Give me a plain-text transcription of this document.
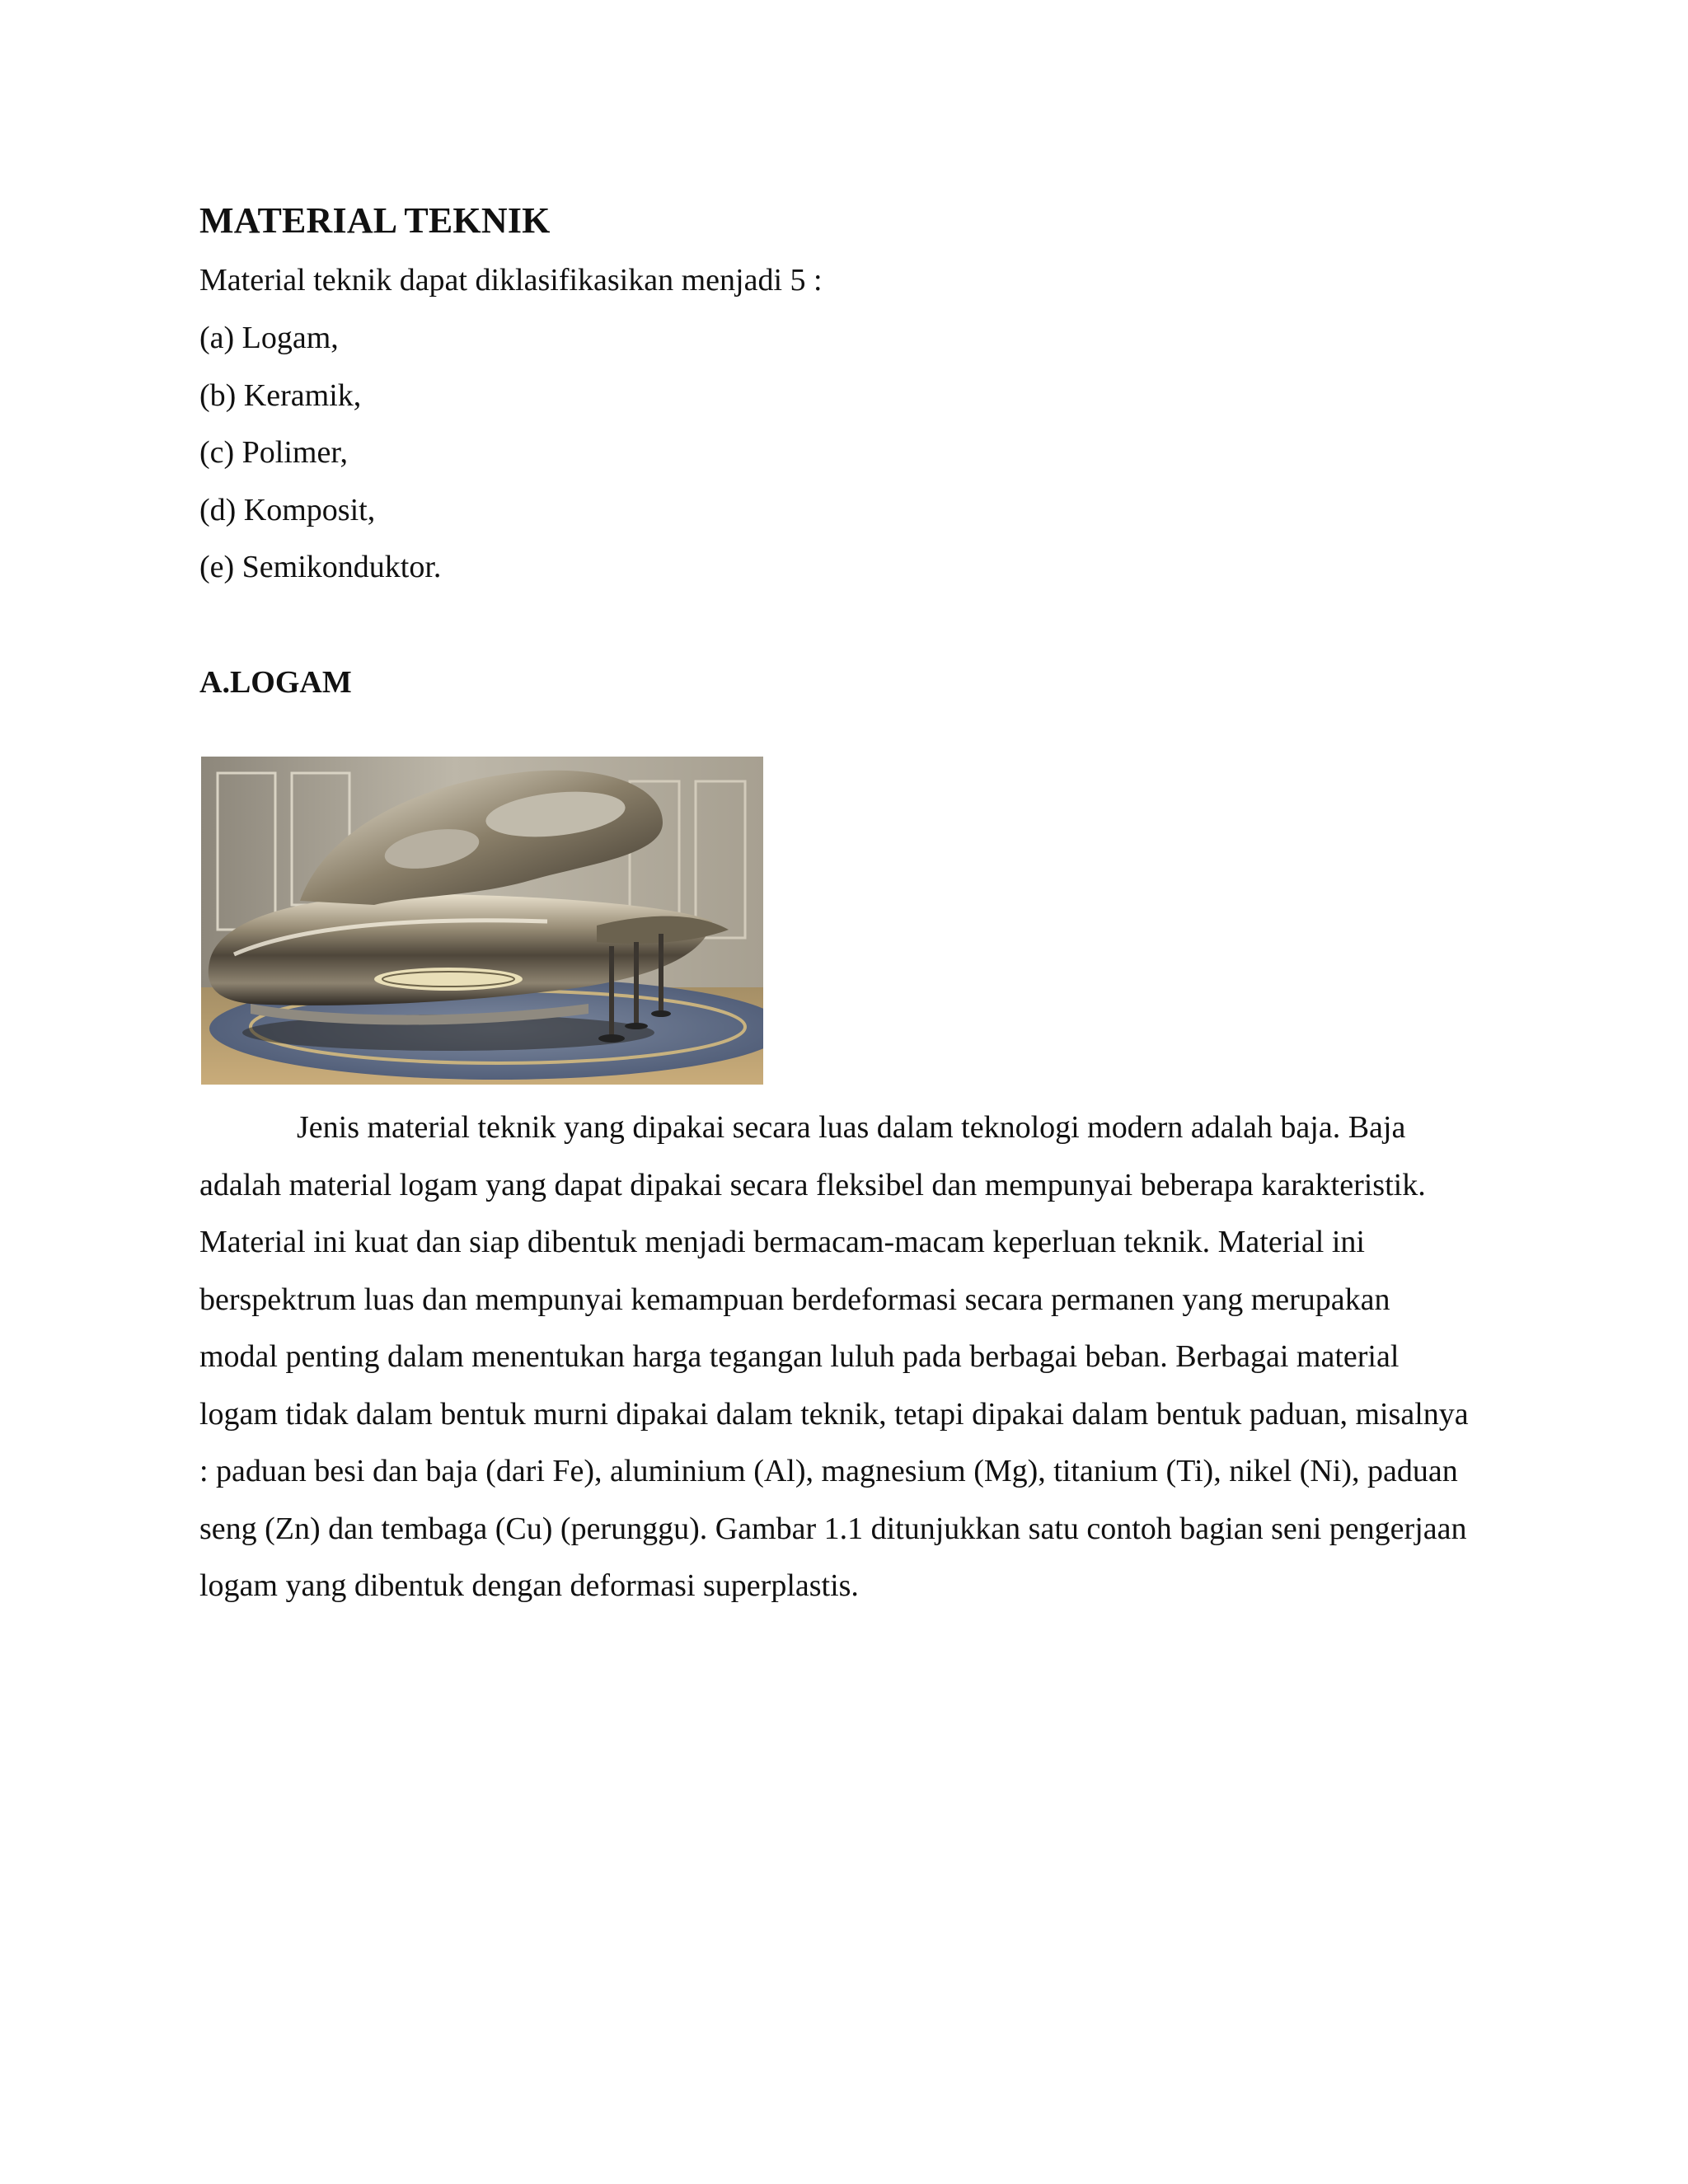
MATERIAL TEKNIK

Material teknik dapat diklasifikasikan menjadi 5 :

(a) Logam,
(b) Keramik,
(c) Polimer,
(d) Komposit,
(e) Semikonduktor.
A.LOGAM

Jenis material teknik yang dipakai secara luas dalam teknologi modern adalah baja. Baja adalah material logam yang dapat dipakai secara fleksibel dan mempunyai beberapa karakteristik. Material ini kuat dan siap dibentuk menjadi bermacam-macam keperluan teknik. Material ini berspektrum luas dan mempunyai kemampuan berdeformasi secara permanen yang merupakan modal penting dalam menentukan harga tegangan luluh pada berbagai beban. Berbagai material logam tidak dalam bentuk murni dipakai dalam teknik, tetapi dipakai dalam bentuk paduan, misalnya : paduan besi dan baja (dari Fe), aluminium (Al), magnesium (Mg), titanium (Ti), nikel (Ni), paduan seng (Zn) dan tembaga (Cu) (perunggu). Gambar 1.1 ditunjukkan satu contoh bagian seni pengerjaan logam yang dibentuk dengan deformasi superplastis.
